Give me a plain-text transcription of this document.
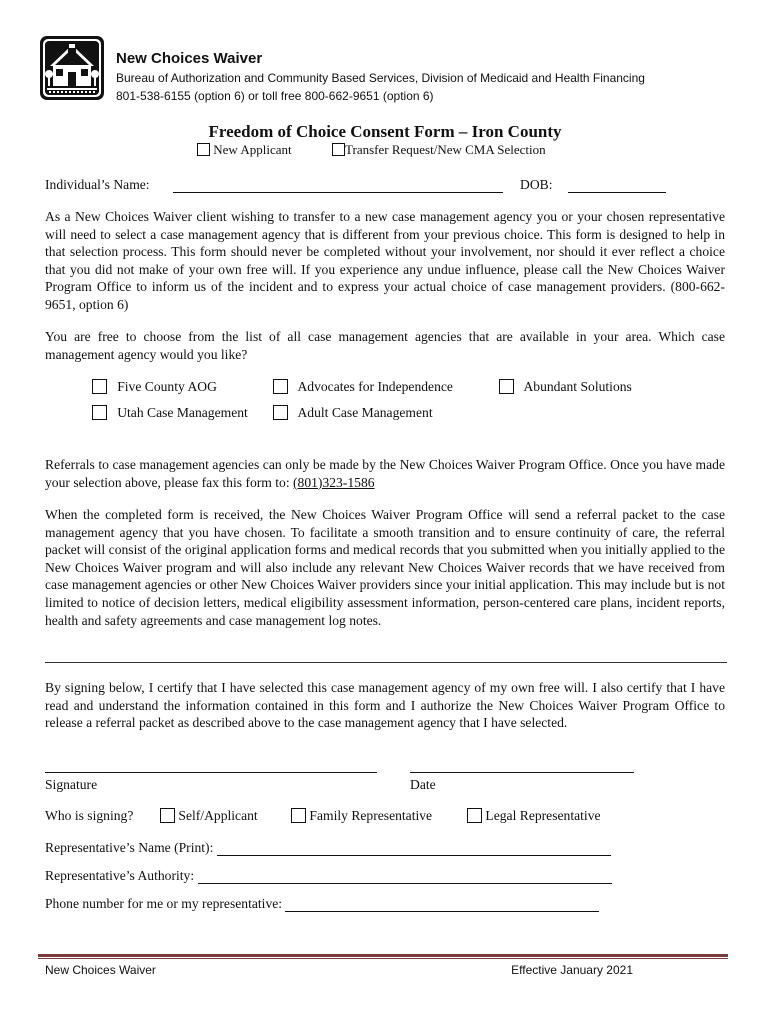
New Choices Waiver
Bureau of Authorization and Community Based Services, Division of Medicaid and Health Financing
801-538-6155 (option 6) or toll free 800-662-9651 (option 6)
Freedom of Choice Consent Form – Iron County
New Applicant	Transfer Request/New CMA Selection
Individual’s Name:	DOB:
As a New Choices Waiver client wishing to transfer to a new case management agency you or your chosen representative will need to select a case management agency that is different from your previous choice. This form is designed to help in that selection process. This form should never be completed without your involvement, nor should it ever reflect a choice that you did not make of your own free will. If you experience any undue influence, please call the New Choices Waiver Program Office to inform us of the incident and to express your actual choice of case management providers. (800-662-9651, option 6)
You are free to choose from the list of all case management agencies that are available in your area. Which case management agency would you like?
Five County AOG	Advocates for Independence	Abundant Solutions
Utah Case Management	Adult Case Management
Referrals to case management agencies can only be made by the New Choices Waiver Program Office. Once you have made your selection above, please fax this form to: (801)323-1586
When the completed form is received, the New Choices Waiver Program Office will send a referral packet to the case management agency that you have chosen. To facilitate a smooth transition and to ensure continuity of care, the referral packet will consist of the original application forms and medical records that you submitted when you initially applied to the New Choices Waiver program and will also include any relevant New Choices Waiver records that we have received from case management agencies or other New Choices Waiver providers since your initial application. This may include but is not limited to notice of decision letters, medical eligibility assessment information, person-centered care plans, incident reports, health and safety agreements and case management log notes.
By signing below, I certify that I have selected this case management agency of my own free will. I also certify that I have read and understand the information contained in this form and I authorize the New Choices Waiver Program Office to release a referral packet as described above to the case management agency that I have selected.
Signature	Date
Who is signing?	Self/Applicant	Family Representative	Legal Representative
Representative’s Name (Print):
Representative’s Authority:
Phone number for me or my representative:
New Choices Waiver	Effective January 2021
